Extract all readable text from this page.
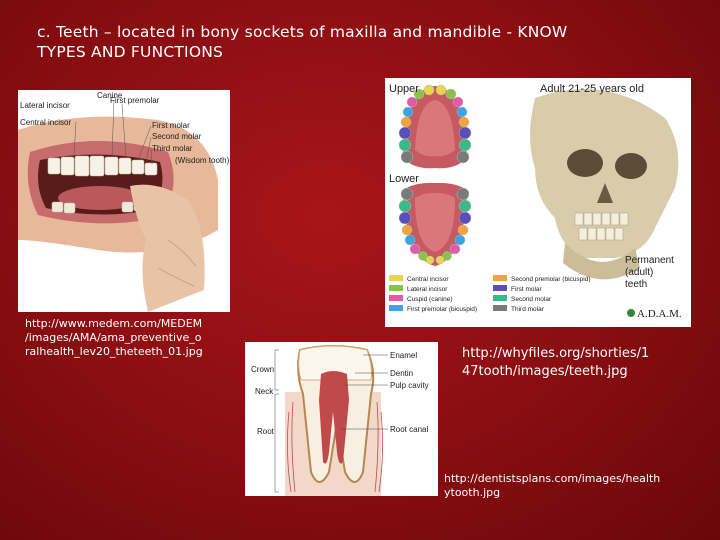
c. Teeth – located in bony sockets of maxilla and mandible - KNOW
TYPES AND FUNCTIONS
Canine
First premolar
Lateral incisor
Central incisor	First molar
Second molar
Third molar
(Wisdom tooth)
http://www.medem.com/MEDEM
/images/AMA/ama_preventive_o
ralhealth_lev20_theteeth_01.jpg
Upper
Lower
Adult 21-25 years old
Permanent
(adult)
teeth
A.D.A.M.
Central incisor
Lateral incisor
Cuspid (canine)
First premolar (bicuspid)
Second premolar (bicuspid)
First molar
Second molar
Third molar
http://whyfiles.org/shorties/1
47tooth/images/teeth.jpg
Enamel
Crown	Dentin
Neck
Pulp cavity
Root	Root canal
http://dentistsplans.com/images/health
ytooth.jpg
